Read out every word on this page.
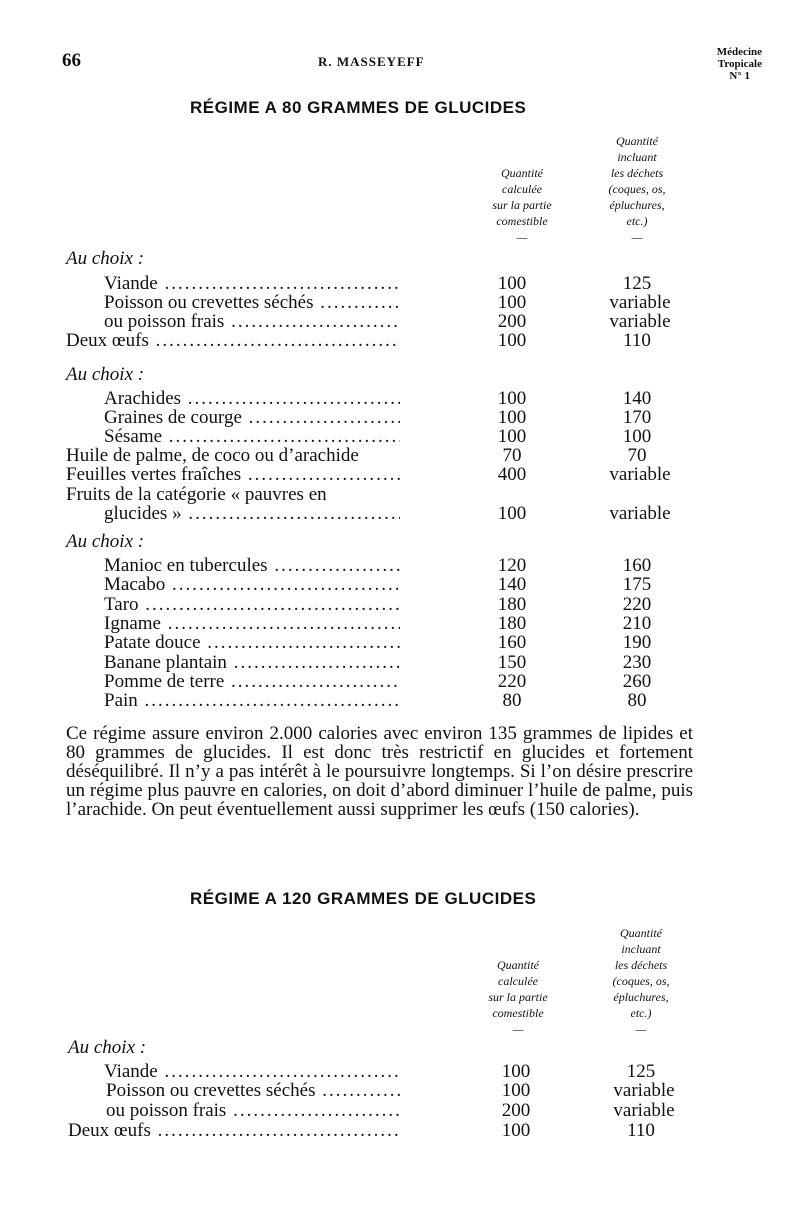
66	R. MASSEYEFF
Médecine
Tropicale
N° 1
RÉGIME A 80 GRAMMES DE GLUCIDES
Quantité
calculée
sur la partie
comestible
—
Quantité
incluant
les déchets
(coques, os,
épluchures,
etc.)
—
Au choix :
Viande .....	100	125
Poisson ou crevettes séchés .....	100	variable
ou poisson frais .....	200	variable
Deux œufs .....	100	110
Au choix :
Arachides .....	100	140
Graines de courge .....	100	170
Sésame .....	100	100
Huile de palme, de coco ou d’arachide	70	70
Feuilles vertes fraîches .....	400	variable
Fruits de la catégorie « pauvres en
glucides » .....	100	variable
Au choix :
Manioc en tubercules .....	120	160
Macabo .....	140	175
Taro .....	180	220
Igname .....	180	210
Patate douce .....	160	190
Banane plantain .....	150	230
Pomme de terre .....	220	260
Pain .....	80	80
Ce régime assure environ 2.000 calories avec environ 135 grammes de lipides et 80 grammes de glucides. Il est donc très restrictif en glucides et fortement déséquilibré. Il n’y a pas intérêt à le poursuivre longtemps. Si l’on désire prescrire un régime plus pauvre en calories, on doit d’abord diminuer l’huile de palme, puis l’arachide. On peut éventuellement aussi supprimer les œufs (150 calories).
RÉGIME A 120 GRAMMES DE GLUCIDES
Quantité
calculée
sur la partie
comestible
—
Quantité
incluant
les déchets
(coques, os,
épluchures,
etc.)
—
Au choix :
Viande .....	100	125
Poisson ou crevettes séchés .....	100	variable
ou poisson frais .....	200	variable
Deux œufs .....	100	110
